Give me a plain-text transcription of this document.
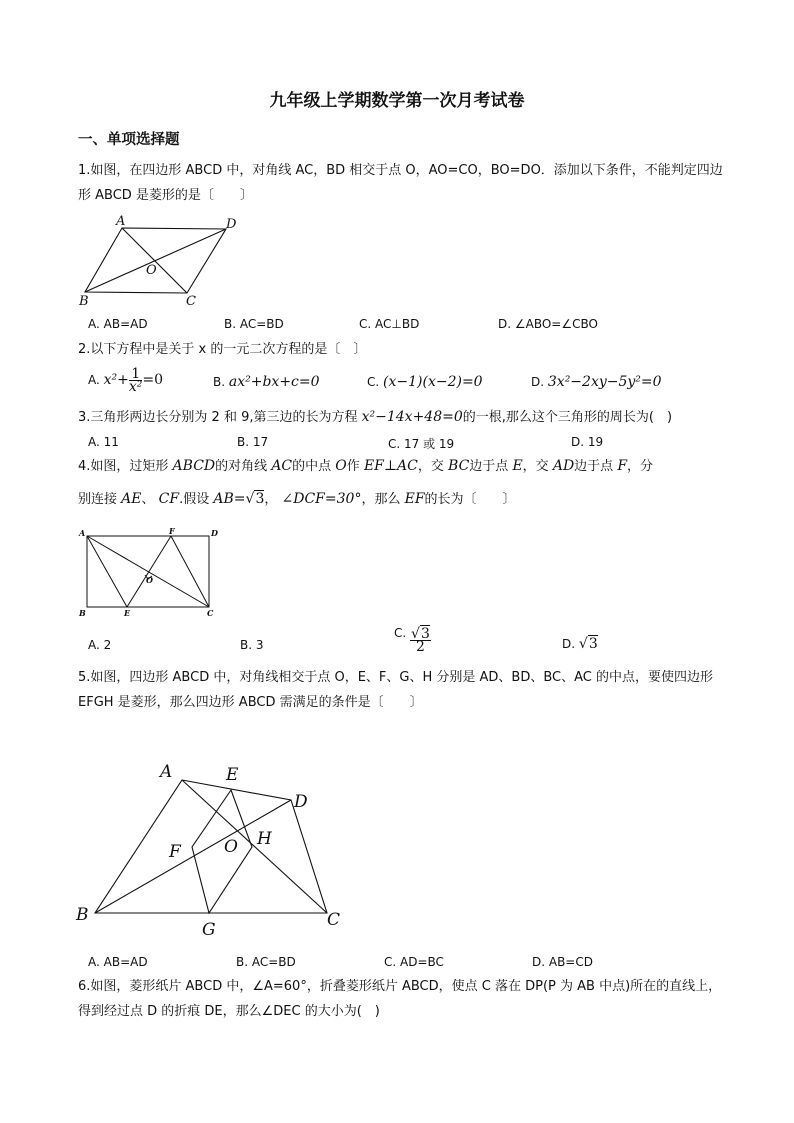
九年级上学期数学第一次月考试卷
一、单项选择题
1.如图，在四边形 ABCD 中，对角线 AC，BD 相交于点 O，AO=CO，BO=DO．添加以下条件，不能判定四边
形 ABCD 是菱形的是〔　　〕
A	D
O
B	C
A. AB=AD	B. AC=BD	C. AC⊥BD	D. ∠ABO=∠CBO
2.以下方程中是关于 x 的一元二次方程的是〔　〕
A. $x^2+ \frac{1}{\text{x²}} =0$	B. ax²+bx+c=0	C. (x−1)(x−2)=0	D. 3x²−2xy−5y²=0
3.三角形两边长分别为 2 和 9,第三边的长为方程 x²−14x+48=0的一根,那么这个三角形的周长为(　)
A. 11	B. 17	C. 17 或 19	D. 19
4.如图，过矩形 ABCD的对角线 AC的中点 O作 EF⊥AC，交 BC边于点 E，交 AD边于点 F，分
别连接 AE、 CF.假设 AB=√3， ∠DCF=30°，那么 EF的长为〔　　〕
A	F	D
O
B	E	C
A. 2	B. 3
C. $\frac{√3}{2}$	D. √3
5.如图，四边形 ABCD 中，对角线相交于点 O，E、F、G、H 分别是 AD、BD、BC、AC 的中点，要使四边形
EFGH 是菱形，那么四边形 ABCD 需满足的条件是〔　　〕
A	E
D
F	O H
B
G	C
A. AB=AD	B. AC=BD	C. AD=BC	D. AB=CD
6.如图，菱形纸片 ABCD 中，∠A=60°，折叠菱形纸片 ABCD，使点 C 落在 DP(P 为 AB 中点)所在的直线上，
得到经过点 D 的折痕 DE，那么∠DEC 的大小为(　)
